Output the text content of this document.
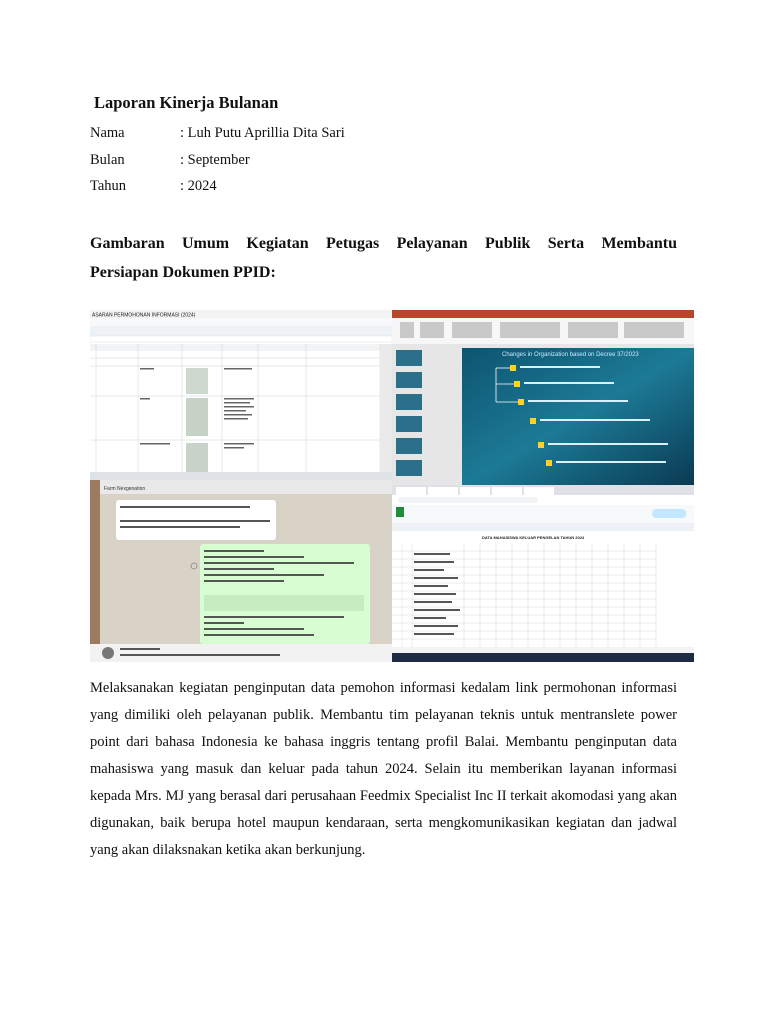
Laporan Kinerja Bulanan
Nama	: Luh Putu Aprillia Dita Sari
Bulan	: September
Tahun	: 2024
Gambaran Umum Kegiatan Petugas Pelayanan Publik Serta Membantu
Persiapan Dokumen PPID:
ASARAN PERMOHONAN INFORMASI (2024)
Changes in Organization based on Decree 37/2023
Farm Nexgenation
DATA MAHASISWA KELUAR PENGELAN TAHUN 2024
Melaksanakan kegiatan penginputan data pemohon informasi kedalam link permohonan informasi yang dimiliki oleh pelayanan publik. Membantu tim pelayanan teknis untuk mentranslete power point dari bahasa Indonesia ke bahasa inggris tentang profil Balai. Membantu penginputan data mahasiswa yang masuk dan keluar pada tahun 2024. Selain itu memberikan layanan informasi kepada Mrs. MJ yang berasal dari perusahaan Feedmix Specialist Inc II terkait akomodasi yang akan digunakan, baik berupa hotel maupun kendaraan, serta mengkomunikasikan kegiatan dan jadwal yang akan dilaksnakan ketika akan berkunjung.
